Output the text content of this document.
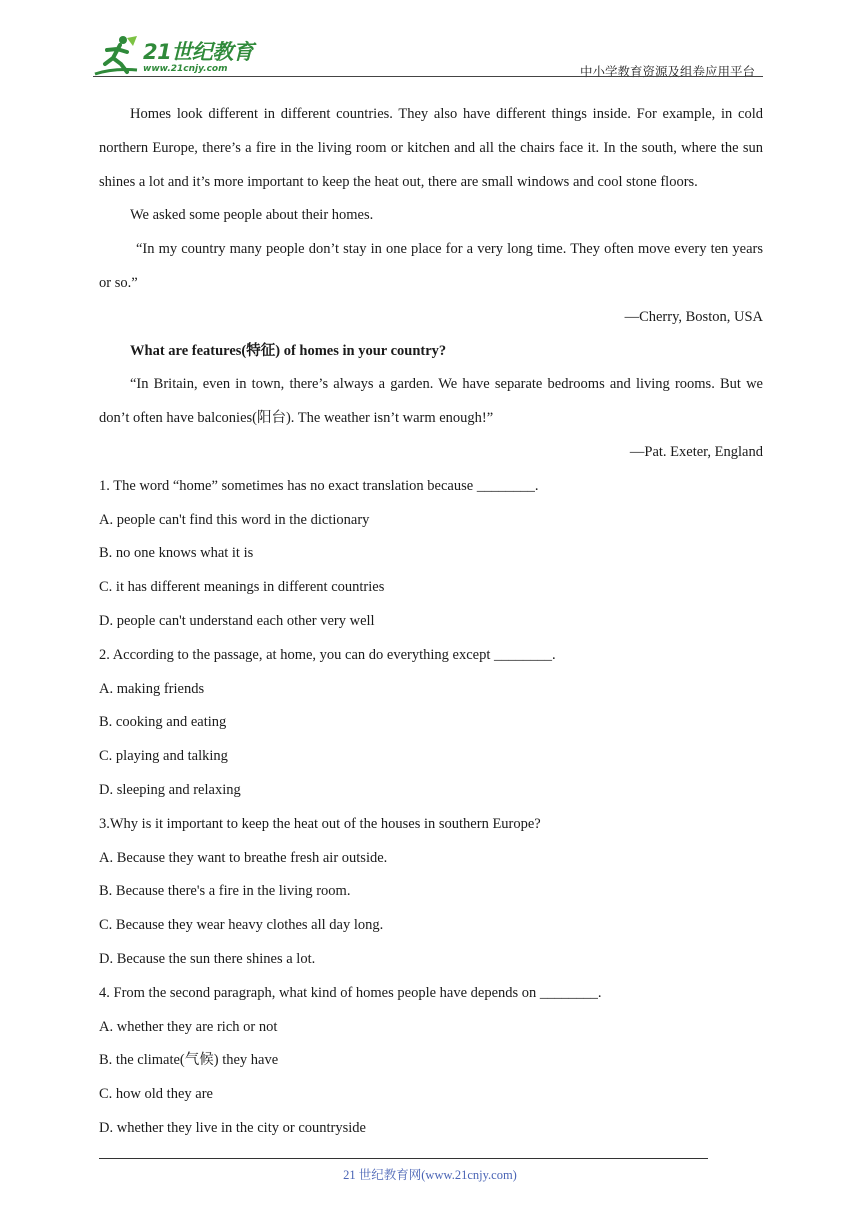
21世纪教育
www.21cnjy.com	中小学教育资源及组卷应用平台
Homes look different in different countries. They also have different things inside. For example, in cold northern Europe, there’s a fire in the living room or kitchen and all the chairs face it. In the south, where the sun shines a lot and it’s more important to keep the heat out, there are small windows and cool stone floors.
We asked some people about their homes.
“In my country many people don’t stay in one place for a very long time. They often move every ten years or so.”
—Cherry, Boston, USA
What are features(特征) of homes in your country?
“In Britain, even in town, there’s always a garden. We have separate bedrooms and living rooms. But we don’t often have balconies(阳台). The weather isn’t warm enough!”
—Pat. Exeter, England
1. The word “home” sometimes has no exact translation because ________.
A. people can't find this word in the dictionary
B. no one knows what it is
C. it has different meanings in different countries
D. people can't understand each other very well
2. According to the passage, at home, you can do everything except ________.
A. making friends
B. cooking and eating
C. playing and talking
D. sleeping and relaxing
3.Why is it important to keep the heat out of the houses in southern Europe?
A. Because they want to breathe fresh air outside.
B. Because there's a fire in the living room.
C. Because they wear heavy clothes all day long.
D. Because the sun there shines a lot.
4. From the second paragraph, what kind of homes people have depends on ________.
A. whether they are rich or not
B. the climate(气候) they have
C. how old they are
D. whether they live in the city or countryside
21 世纪教育网(www.21cnjy.com)
